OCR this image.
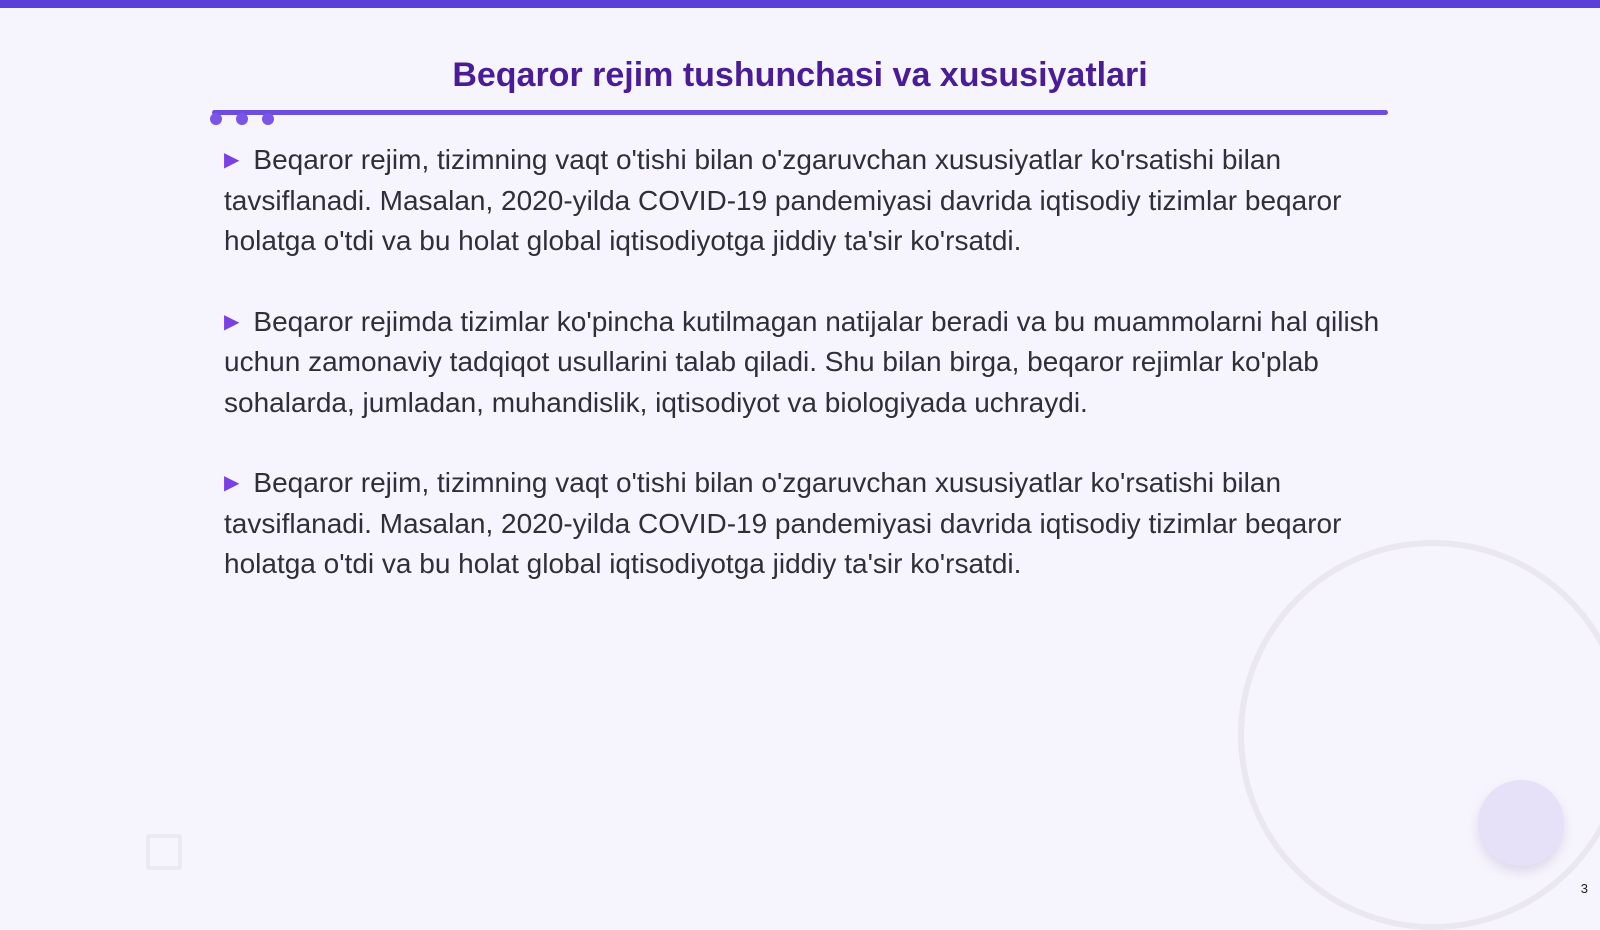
Beqaror rejim tushunchasi va xususiyatlari
▶ Beqaror rejim, tizimning vaqt o'tishi bilan o'zgaruvchan xususiyatlar ko'rsatishi bilan tavsiflanadi. Masalan, 2020-yilda COVID-19 pandemiyasi davrida iqtisodiy tizimlar beqaror holatga o'tdi va bu holat global iqtisodiyotga jiddiy ta'sir ko'rsatdi.
▶ Beqaror rejimda tizimlar ko'pincha kutilmagan natijalar beradi va bu muammolarni hal qilish uchun zamonaviy tadqiqot usullarini talab qiladi. Shu bilan birga, beqaror rejimlar ko'plab sohalarda, jumladan, muhandislik, iqtisodiyot va biologiyada uchraydi.
▶ Beqaror rejim, tizimning vaqt o'tishi bilan o'zgaruvchan xususiyatlar ko'rsatishi bilan tavsiflanadi. Masalan, 2020-yilda COVID-19 pandemiyasi davrida iqtisodiy tizimlar beqaror holatga o'tdi va bu holat global iqtisodiyotga jiddiy ta'sir ko'rsatdi.
3
